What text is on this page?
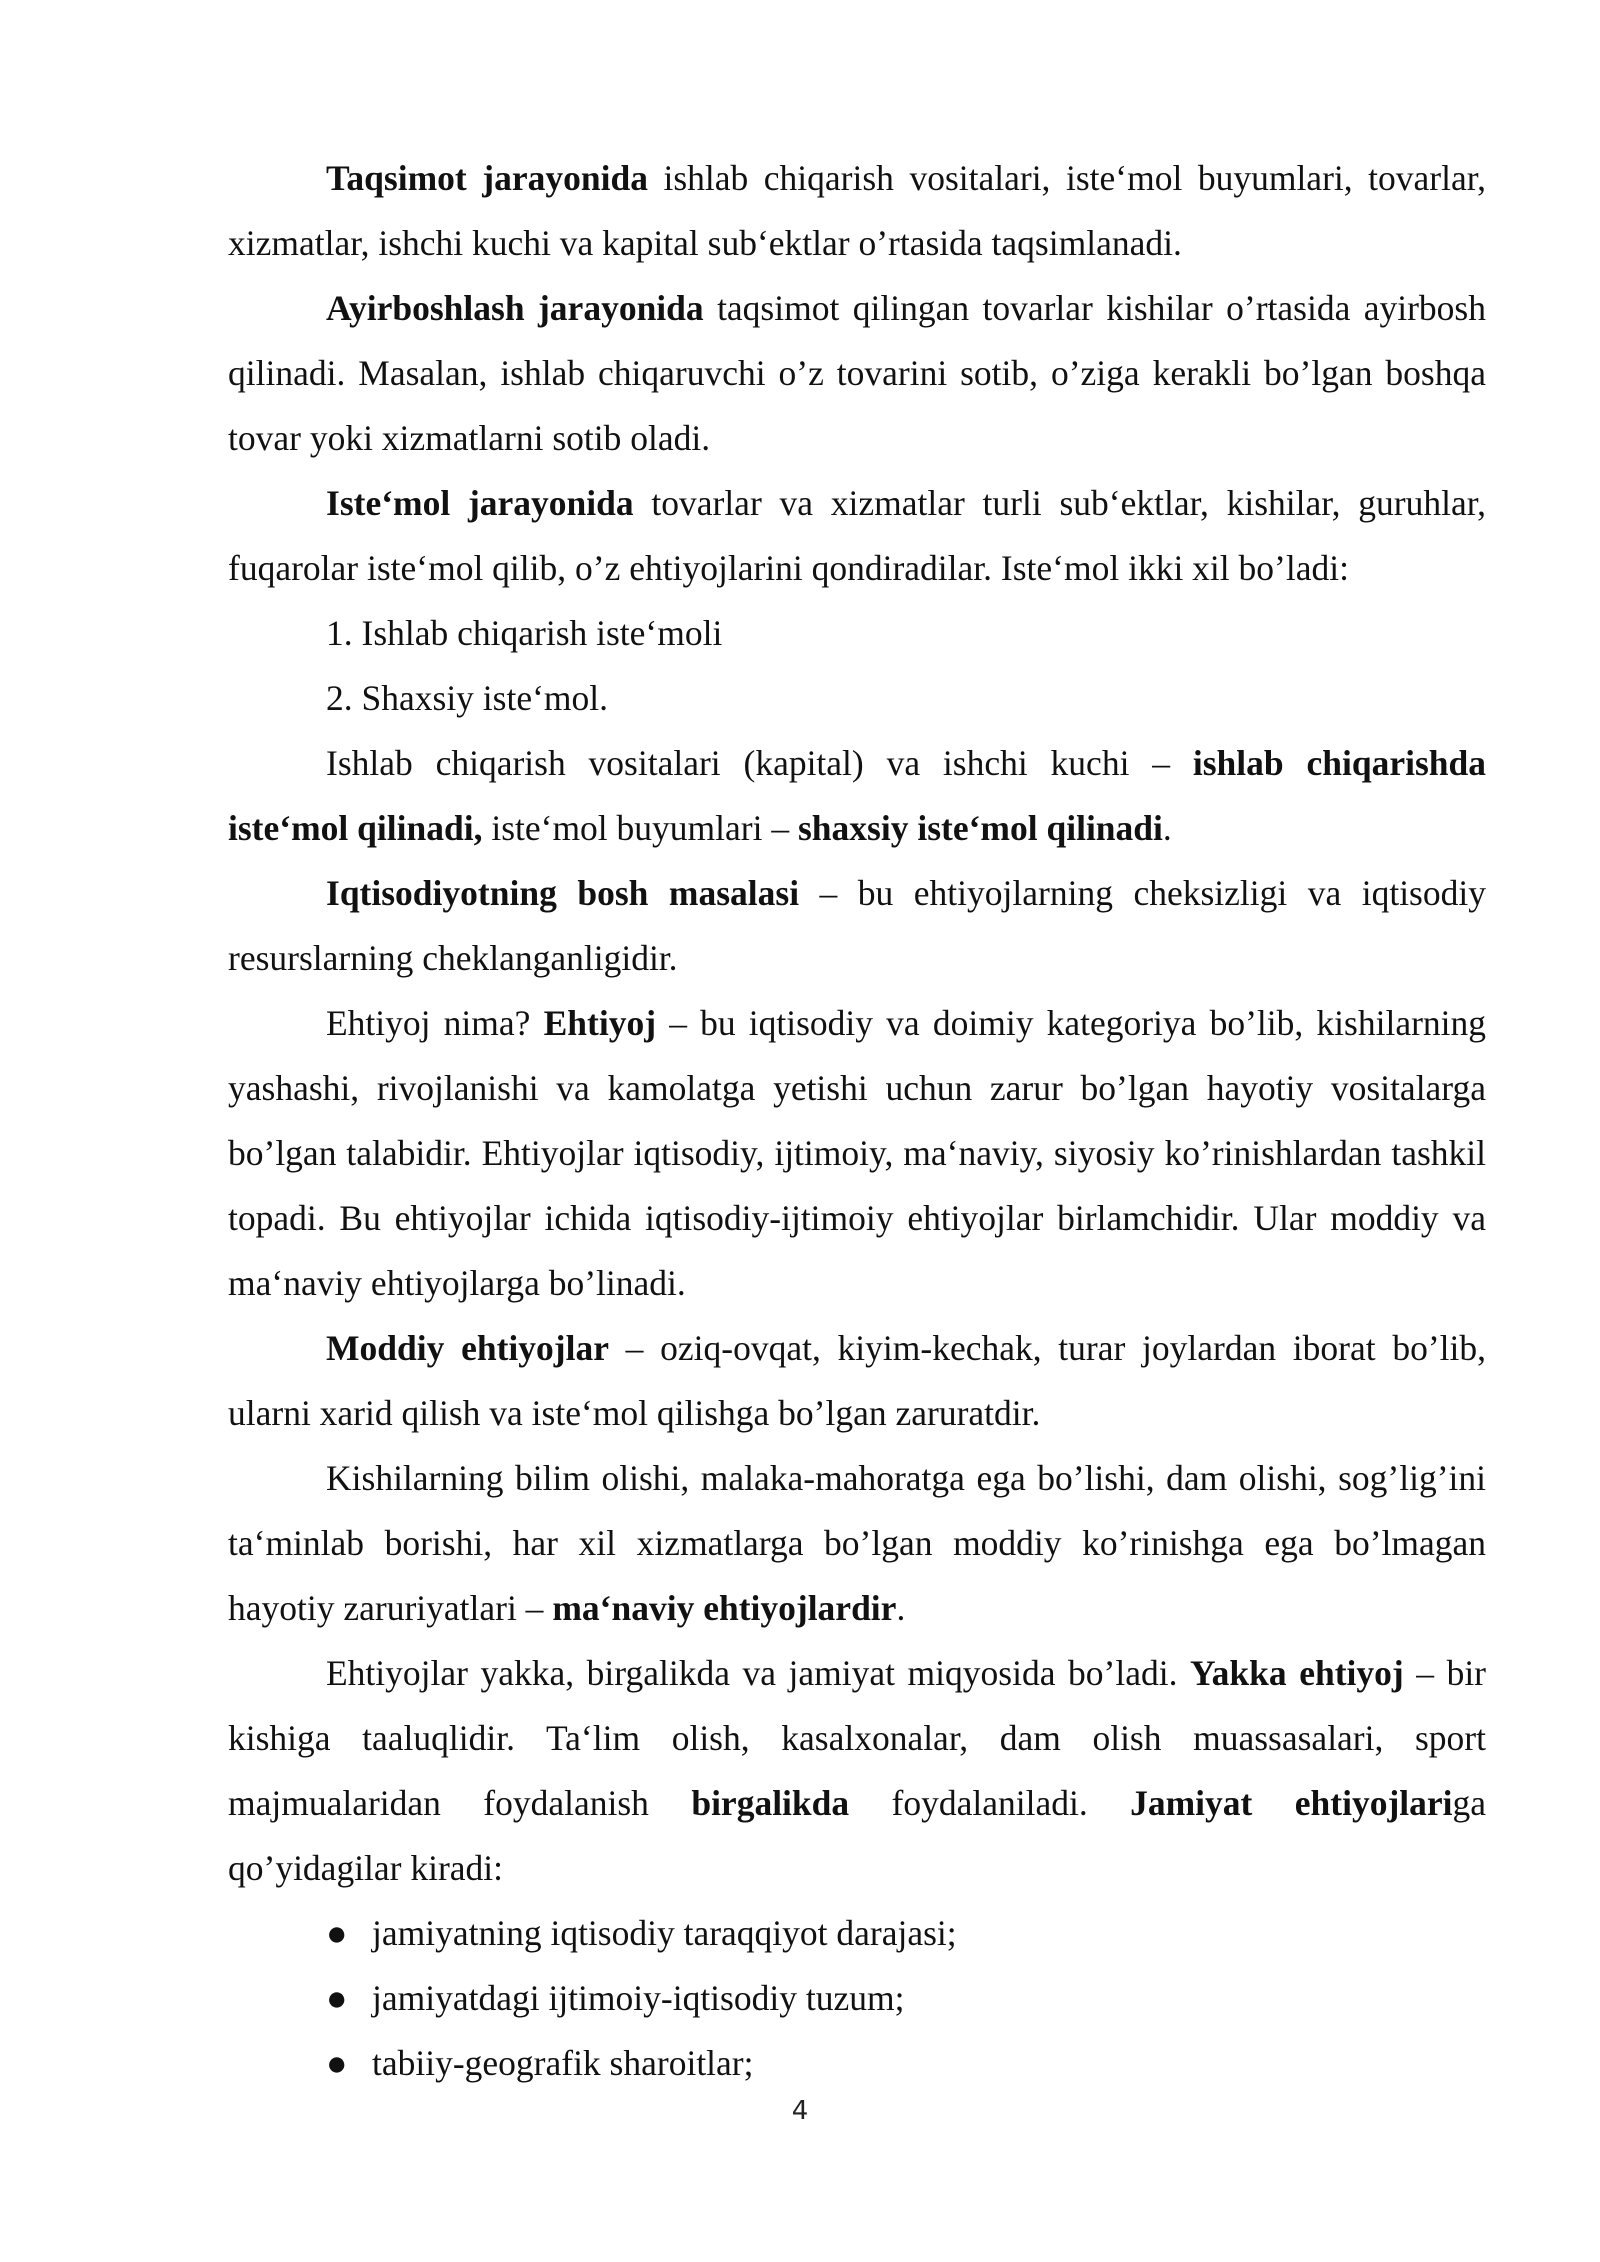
Taqsimot jarayonida ishlab chiqarish vositalari, iste‘mol buyumlari, tovarlar, xizmatlar, ishchi kuchi va kapital sub‘ektlar o’rtasida taqsimlanadi.

Ayirboshlash jarayonida taqsimot qilingan tovarlar kishilar o’rtasida ayirbosh qilinadi. Masalan, ishlab chiqaruvchi o’z tovarini sotib, o’ziga kerakli bo’lgan boshqa tovar yoki xizmatlarni sotib oladi.

Iste‘mol jarayonida tovarlar va xizmatlar turli sub‘ektlar, kishilar, guruhlar, fuqarolar iste‘mol qilib, o’z ehtiyojlarini qondiradilar. Iste‘mol ikki xil bo’ladi:

1. Ishlab chiqarish iste‘moli
2. Shaxsiy iste‘mol.

Ishlab chiqarish vositalari (kapital) va ishchi kuchi – ishlab chiqarishda iste‘mol qilinadi, iste‘mol buyumlari – shaxsiy iste‘mol qilinadi.

Iqtisodiyotning bosh masalasi – bu ehtiyojlarning cheksizligi va iqtisodiy resurslarning cheklanganligidir.

Ehtiyoj nima? Ehtiyoj – bu iqtisodiy va doimiy kategoriya bo’lib, kishilarning yashashi, rivojlanishi va kamolatga yetishi uchun zarur bo’lgan hayotiy vositalarga bo’lgan talabidir. Ehtiyojlar iqtisodiy, ijtimoiy, ma‘naviy, siyosiy ko’rinishlardan tashkil topadi. Bu ehtiyojlar ichida iqtisodiy-ijtimoiy ehtiyojlar birlamchidir. Ular moddiy va ma‘naviy ehtiyojlarga bo’linadi.

Moddiy ehtiyojlar – oziq-ovqat, kiyim-kechak, turar joylardan iborat bo’lib, ularni xarid qilish va iste‘mol qilishga bo’lgan zaruratdir.

Kishilarning bilim olishi, malaka-mahoratga ega bo’lishi, dam olishi, sog’lig’ini ta‘minlab borishi, har xil xizmatlarga bo’lgan moddiy ko’rinishga ega bo’lmagan hayotiy zaruriyatlari – ma‘naviy ehtiyojlardir.

Ehtiyojlar yakka, birgalikda va jamiyat miqyosida bo’ladi. Yakka ehtiyoj – bir kishiga taaluqlidir. Ta‘lim olish, kasalxonalar, dam olish muassasalari, sport majmualaridan foydalanish birgalikda foydalaniladi. Jamiyat ehtiyojlariga qo’yidagilar kiradi:

● jamiyatning iqtisodiy taraqqiyot darajasi;
● jamiyatdagi ijtimoiy-iqtisodiy tuzum;
● tabiiy-geografik sharoitlar;
4
